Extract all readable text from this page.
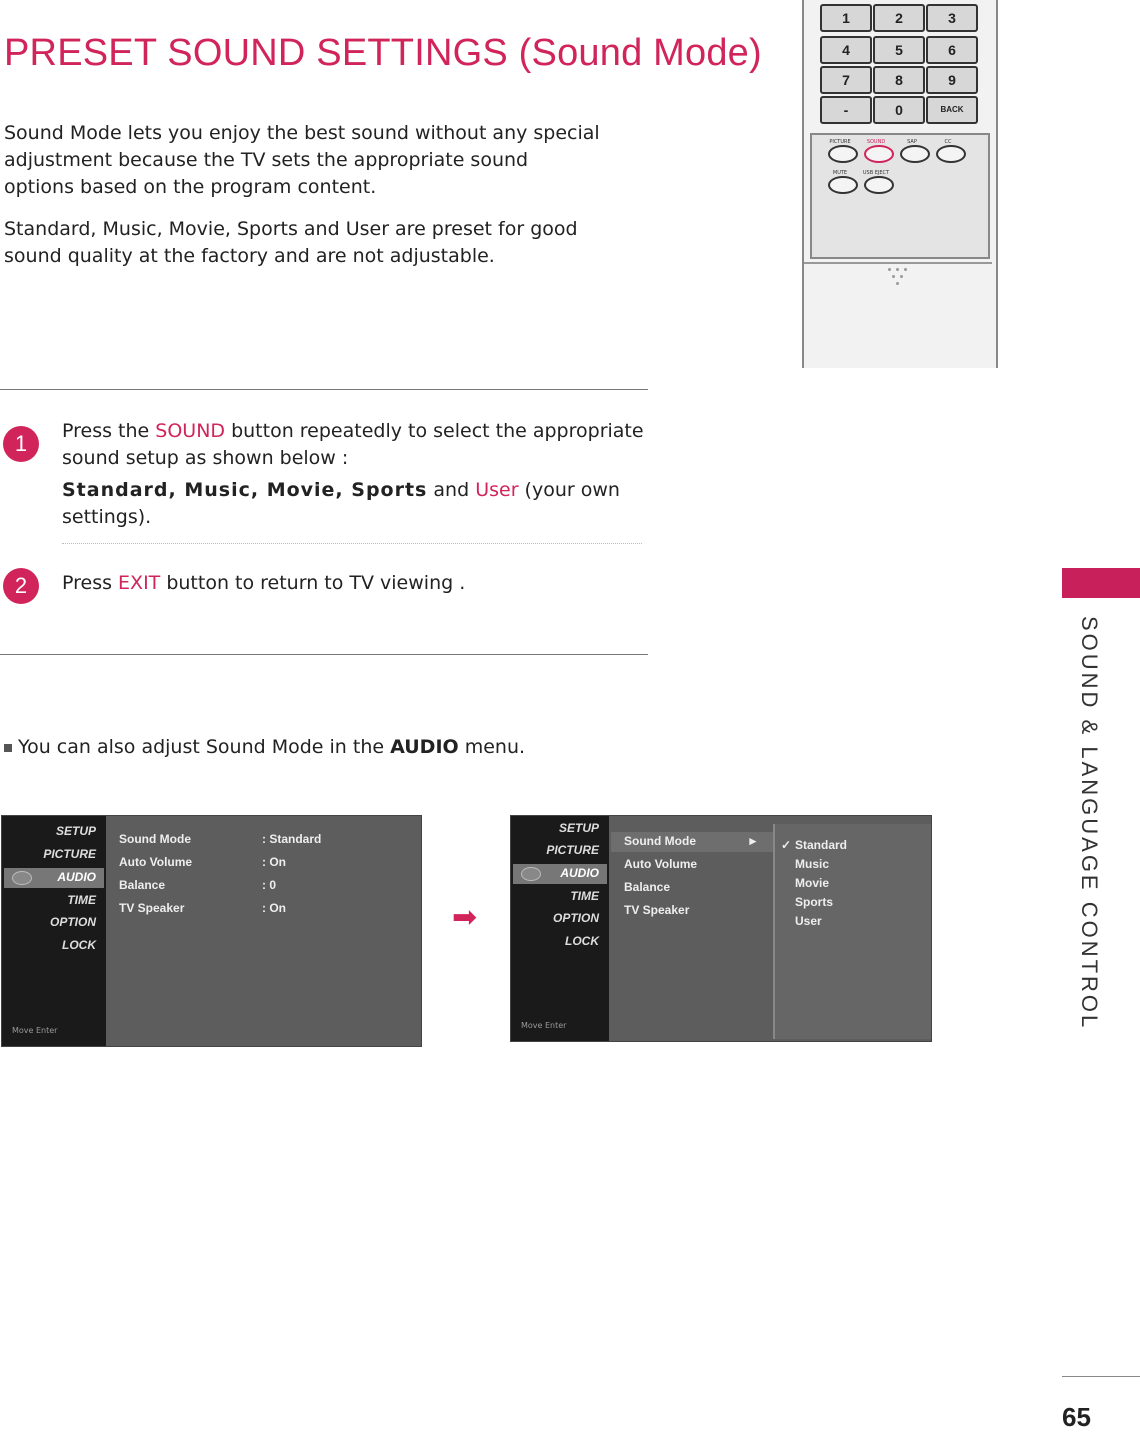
PRESET SOUND SETTINGS (Sound Mode)
Sound Mode lets you enjoy the best sound without any special adjustment because the TV sets the appropriate sound options based on the program content.
Standard, Music, Movie, Sports and User are preset for good sound quality at the factory and are not adjustable.
1	Press the SOUND button repeatedly to select the appropriate sound setup as shown below :
Standard, Music, Movie, Sports and User (your own settings).
2	Press EXIT button to return to TV viewing .
You can also adjust Sound Mode in the AUDIO menu.	SOUND & LANGUAGE CONTROL
65
1	2	3
4	5	6
7	8	9
-	0	BACK
PICTURE	SOUND	SAP	CC
MUTE	USB EJECT
SETUP
PICTURE
AUDIO
TIME
OPTION
LOCK
Move Enter
Sound Mode	: Standard
Auto Volume	: On
Balance	: 0
TV Speaker	: On	➡
SETUP
PICTURE
AUDIO
TIME
OPTION
LOCK
Move Enter
Sound Mode	►
Auto Volume
Balance
TV Speaker
✓ Standard
Music
Movie
Sports
User
